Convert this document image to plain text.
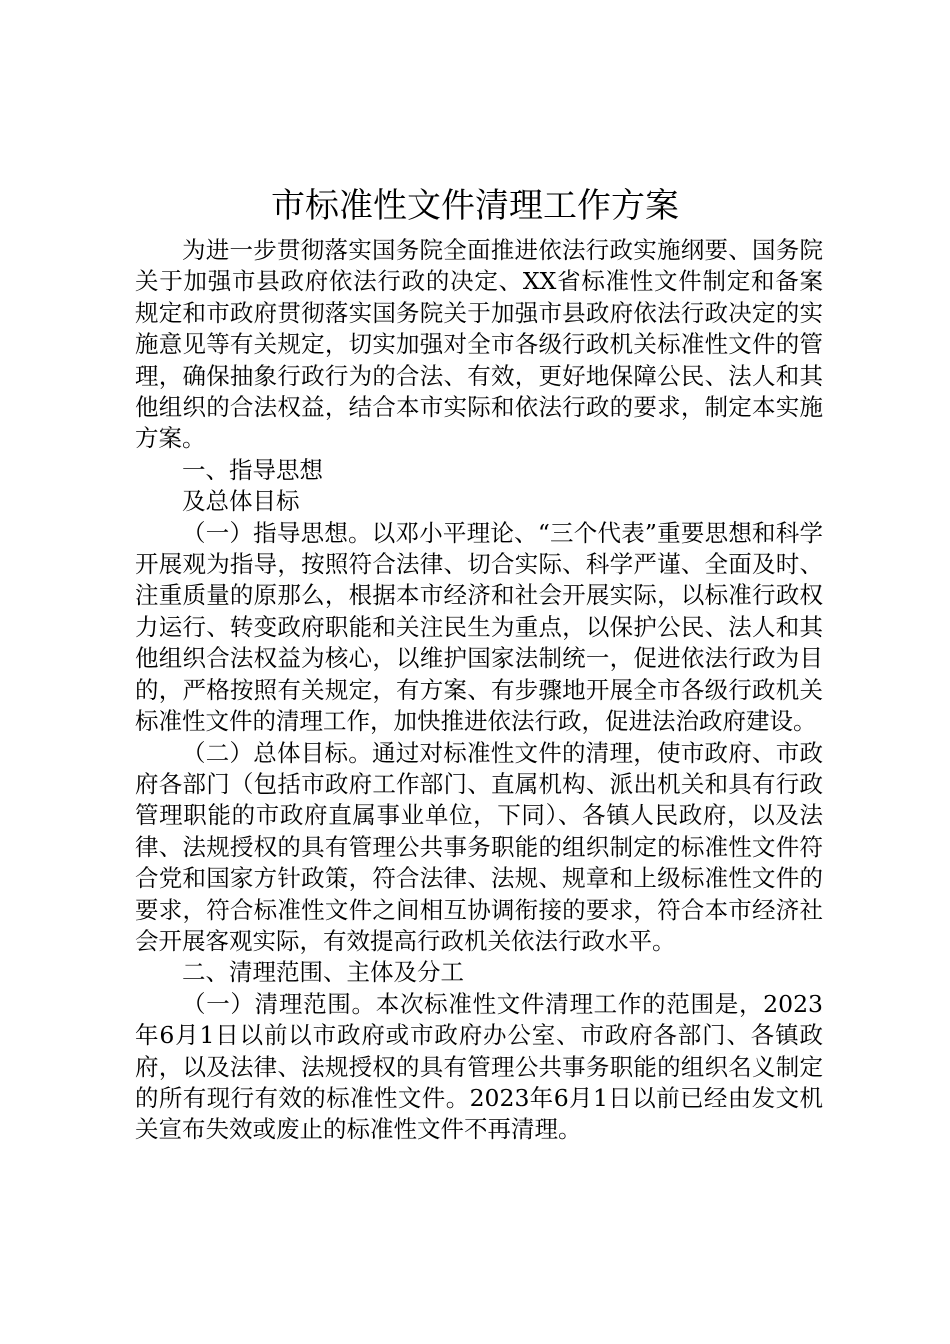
市标准性文件清理工作方案

为进一步贯彻落实国务院全面推进依法行政实施纲要、国务院关于加强市县政府依法行政的决定、XX省标准性文件制定和备案规定和市政府贯彻落实国务院关于加强市县政府依法行政决定的实施意见等有关规定，切实加强对全市各级行政机关标准性文件的管理，确保抽象行政行为的合法、有效，更好地保障公民、法人和其他组织的合法权益，结合本市实际和依法行政的要求，制定本实施方案。

一、指导思想

及总体目标

（一）指导思想。以邓小平理论、“三个代表”重要思想和科学开展观为指导，按照符合法律、切合实际、科学严谨、全面及时、注重质量的原那么，根据本市经济和社会开展实际，以标准行政权力运行、转变政府职能和关注民生为重点，以保护公民、法人和其他组织合法权益为核心，以维护国家法制统一，促进依法行政为目的，严格按照有关规定，有方案、有步骤地开展全市各级行政机关标准性文件的清理工作，加快推进依法行政，促进法治政府建设。

（二）总体目标。通过对标准性文件的清理，使市政府、市政府各部门（包括市政府工作部门、直属机构、派出机关和具有行政管理职能的市政府直属事业单位，下同）、各镇人民政府，以及法律、法规授权的具有管理公共事务职能的组织制定的标准性文件符合党和国家方针政策，符合法律、法规、规章和上级标准性文件的要求，符合标准性文件之间相互协调衔接的要求，符合本市经济社会开展客观实际，有效提高行政机关依法行政水平。

二、清理范围、主体及分工

（一）清理范围。本次标准性文件清理工作的范围是，2023年6月1日以前以市政府或市政府办公室、市政府各部门、各镇政府，以及法律、法规授权的具有管理公共事务职能的组织名义制定的所有现行有效的标准性文件。2023年6月1日以前已经由发文机关宣布失效或废止的标准性文件不再清理。
